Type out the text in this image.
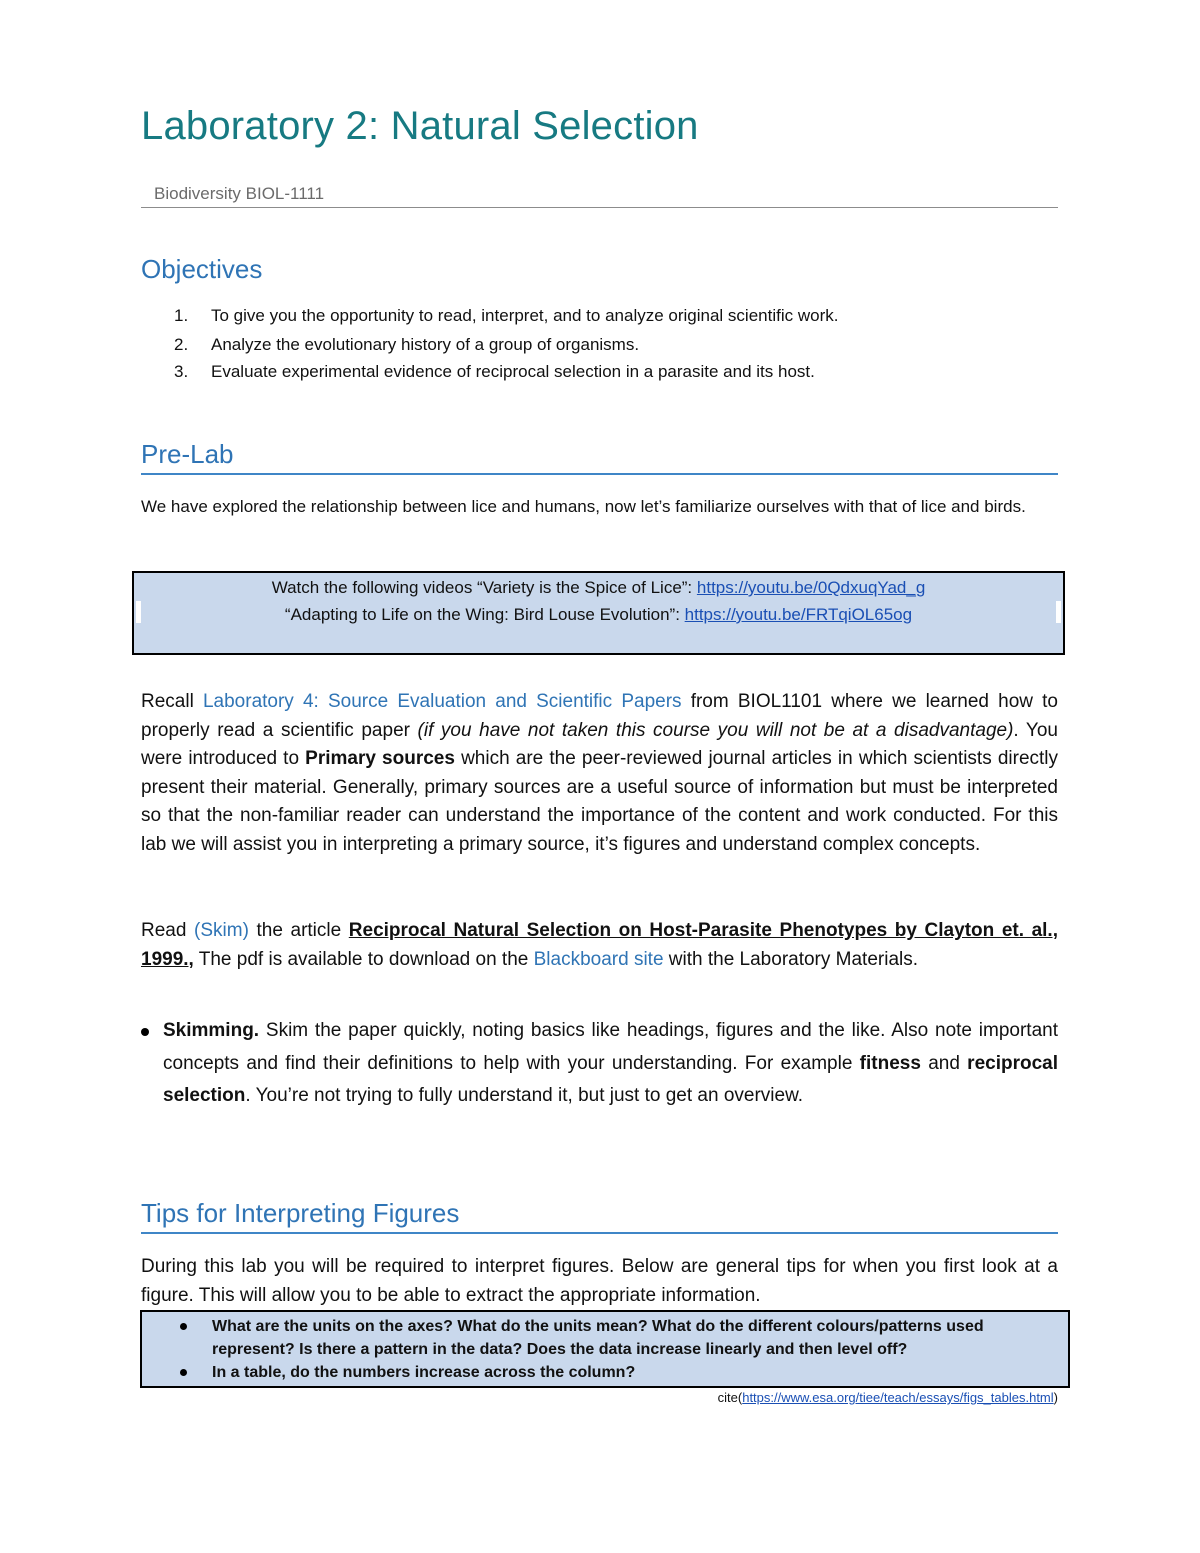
Laboratory 2: Natural Selection
Biodiversity BIOL-1111
Objectives
1. To give you the opportunity to read, interpret, and to analyze original scientific work.
2. Analyze the evolutionary history of a group of organisms.
3. Evaluate experimental evidence of reciprocal selection in a parasite and its host.
Pre-Lab
We have explored the relationship between lice and humans, now let’s familiarize ourselves with that of lice and birds.
Watch the following videos “Variety is the Spice of Lice”: https://youtu.be/0QdxuqYad_g
“Adapting to Life on the Wing: Bird Louse Evolution”: https://youtu.be/FRTqiOL65og
Recall Laboratory 4: Source Evaluation and Scientific Papers from BIOL1101 where we learned how to properly read a scientific paper (if you have not taken this course you will not be at a disadvantage). You were introduced to Primary sources which are the peer-reviewed journal articles in which scientists directly present their material. Generally, primary sources are a useful source of information but must be interpreted so that the non-familiar reader can understand the importance of the content and work conducted. For this lab we will assist you in interpreting a primary source, it’s figures and understand complex concepts.
Read (Skim) the article Reciprocal Natural Selection on Host-Parasite Phenotypes by Clayton et. al., 1999., The pdf is available to download on the Blackboard site with the Laboratory Materials.
Skimming. Skim the paper quickly, noting basics like headings, figures and the like. Also note important concepts and find their definitions to help with your understanding. For example fitness and reciprocal selection. You’re not trying to fully understand it, but just to get an overview.
Tips for Interpreting Figures
During this lab you will be required to interpret figures. Below are general tips for when you first look at a figure. This will allow you to be able to extract the appropriate information.
What are the units on the axes? What do the units mean? What do the different colours/patterns used represent? Is there a pattern in the data? Does the data increase linearly and then level off?
In a table, do the numbers increase across the column?
cite(https://www.esa.org/tiee/teach/essays/figs_tables.html)
